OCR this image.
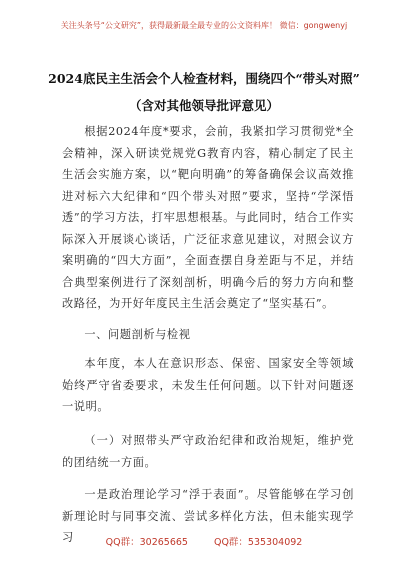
关注头条号“公文研究”，获得最新最全最专业的公文资料库！ 微信：gongwenyj
2024底民主生活会个人检查材料，围绕四个“带头对照”
（含对其他领导批评意见）
根据2024年度*要求，会前，我紧扣学习贯彻党*全会精神，深入研读党规党G教育内容，精心制定了民主生活会实施方案，以“靶向明确”的筹备确保会议高效推进对标六大纪律和“四个带头对照”要求，坚持“学深悟透”的学习方法，打牢思想根基。与此同时，结合工作实际深入开展谈心谈话，广泛征求意见建议，对照会议方案明确的“四大方面”，全面查摆自身差距与不足，并结合典型案例进行了深刻剖析，明确今后的努力方向和整改路径，为开好年度民主生活会奠定了“坚实基石”。
一、问题剖析与检视
本年度，本人在意识形态、保密、国家安全等领域始终严守省委要求，未发生任何问题。以下针对问题逐一说明。
（一）对照带头严守政治纪律和政治规矩，维护党的团结统一方面。
一是政治理论学习“浮于表面”。尽管能够在学习创新理论时与同事交流、尝试多样化方法，但未能实现学习	QQ群：30265665	QQ群：535304092
